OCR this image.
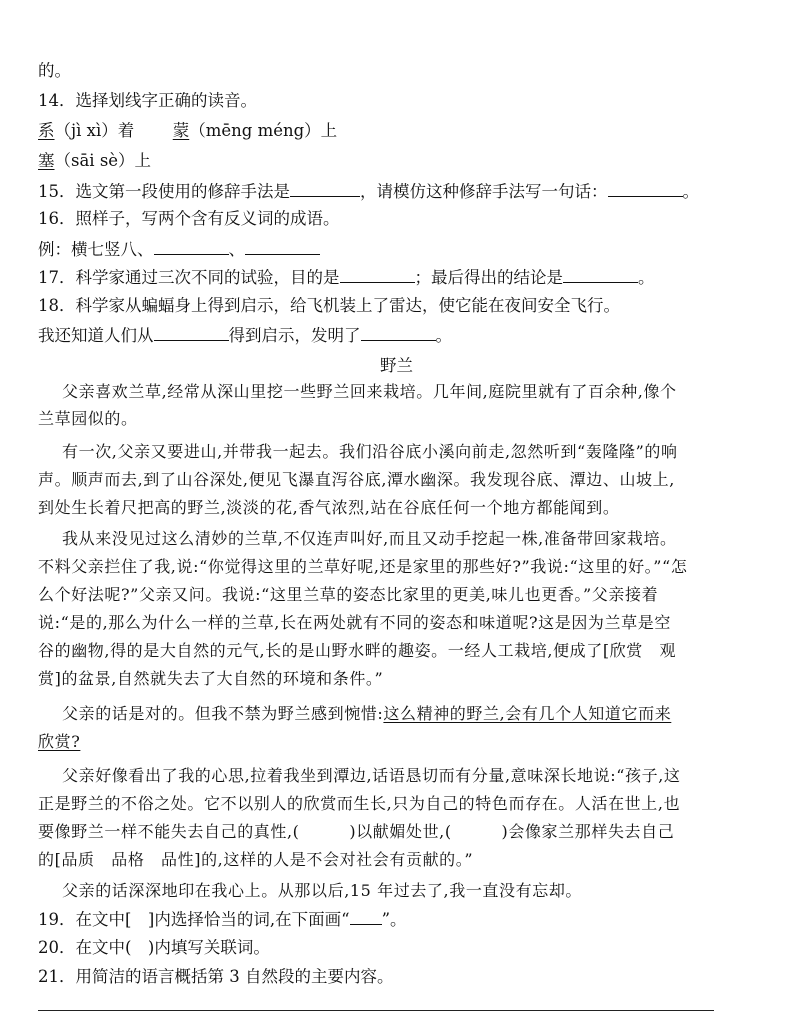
的。
14．选择划线字正确的读音。
系（jì xì）着　蒙（mēng méng）上
塞（sāi sè）上
15．选文第一段使用的修辞手法是	，请模仿这种修辞手法写一句话：	。
16．照样子，写两个含有反义词的成语。
例：横七竖八、	、
17．科学家通过三次不同的试验，目的是	；最后得出的结论是	。
18．科学家从蝙蝠身上得到启示，给飞机装上了雷达，使它能在夜间安全飞行。
我还知道人们从	得到启示，发明了	。
野兰
父亲喜欢兰草,经常从深山里挖一些野兰回来栽培。几年间,庭院里就有了百余种,像个
兰草园似的。
有一次,父亲又要进山,并带我一起去。我们沿谷底小溪向前走,忽然听到“轰隆隆”的响
声。顺声而去,到了山谷深处,便见飞瀑直泻谷底,潭水幽深。我发现谷底、潭边、山坡上,
到处生长着尺把高的野兰,淡淡的花,香气浓烈,站在谷底任何一个地方都能闻到。
我从来没见过这么清妙的兰草,不仅连声叫好,而且又动手挖起一株,准备带回家栽培。
不料父亲拦住了我,说:“你觉得这里的兰草好呢,还是家里的那些好?”我说:“这里的好。”“怎
么个好法呢?”父亲又问。我说:“这里兰草的姿态比家里的更美,味儿也更香。”父亲接着
说:“是的,那么为什么一样的兰草,长在两处就有不同的姿态和味道呢?这是因为兰草是空
谷的幽物,得的是大自然的元气,长的是山野水畔的趣姿。一经人工栽培,便成了[欣赏　观
赏]的盆景,自然就失去了大自然的环境和条件。”
父亲的话是对的。但我不禁为野兰感到惋惜:这么精神的野兰,会有几个人知道它而来
欣赏?
父亲好像看出了我的心思,拉着我坐到潭边,话语恳切而有分量,意味深长地说:“孩子,这
正是野兰的不俗之处。它不以别人的欣赏而生长,只为自己的特色而存在。人活在世上,也
要像野兰一样不能失去自己的真性,(　　　)以献媚处世,(　　　)会像家兰那样失去自己
的[品质　品格　品性]的,这样的人是不会对社会有贡献的。”
父亲的话深深地印在我心上。从那以后,15 年过去了,我一直没有忘却。
19．在文中[　]内选择恰当的词,在下面画“ ”。
20．在文中(　)内填写关联词。
21．用简洁的语言概括第 3 自然段的主要内容。
